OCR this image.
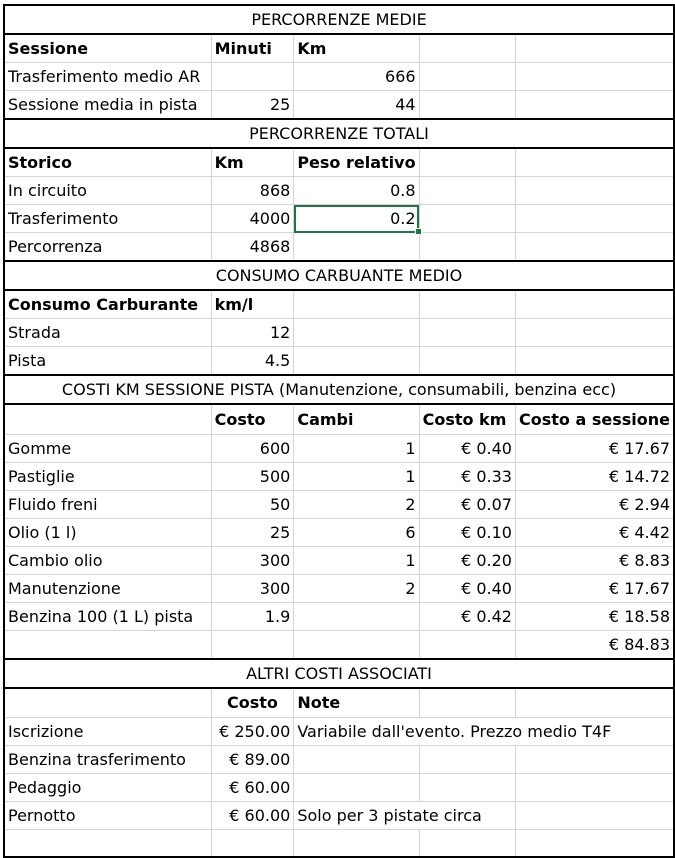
PERCORRENZE MEDIE				
Sessione	Minuti	Km		
Trasferimento medio AR		666		
Sessione media in pista	25	44		
PERCORRENZE TOTALI				
Storico	Km	Peso relativo		
In circuito	868	0.8		
Trasferimento	4000	0.2		
Percorrenza	4868			
CONSUMO CARBUANTE MEDIO				
Consumo Carburante	km/l			
Strada	12			
Pista	4.5			
COSTI KM SESSIONE PISTA (Manutenzione, consumabili, benzina ecc)				
	Costo	Cambi	Costo km	Costo a sessione
Gomme	600	1	€ 0.40	€ 17.67
Pastiglie	500	1	€ 0.33	€ 14.72
Fluido freni	50	2	€ 0.07	€ 2.94
Olio (1 l)	25	6	€ 0.10	€ 4.42
Cambio olio	300	1	€ 0.20	€ 8.83
Manutenzione	300	2	€ 0.40	€ 17.67
Benzina 100 (1 L) pista	1.9		€ 0.42	€ 18.58
				€ 84.83
ALTRI COSTI ASSOCIATI				
	Costo	Note		
Iscrizione	€ 250.00	Variabile dall'evento. Prezzo medio T4F		
Benzina trasferimento	€ 89.00			
Pedaggio	€ 60.00			
Pernotto	€ 60.00	Solo per 3 pistate circa		
